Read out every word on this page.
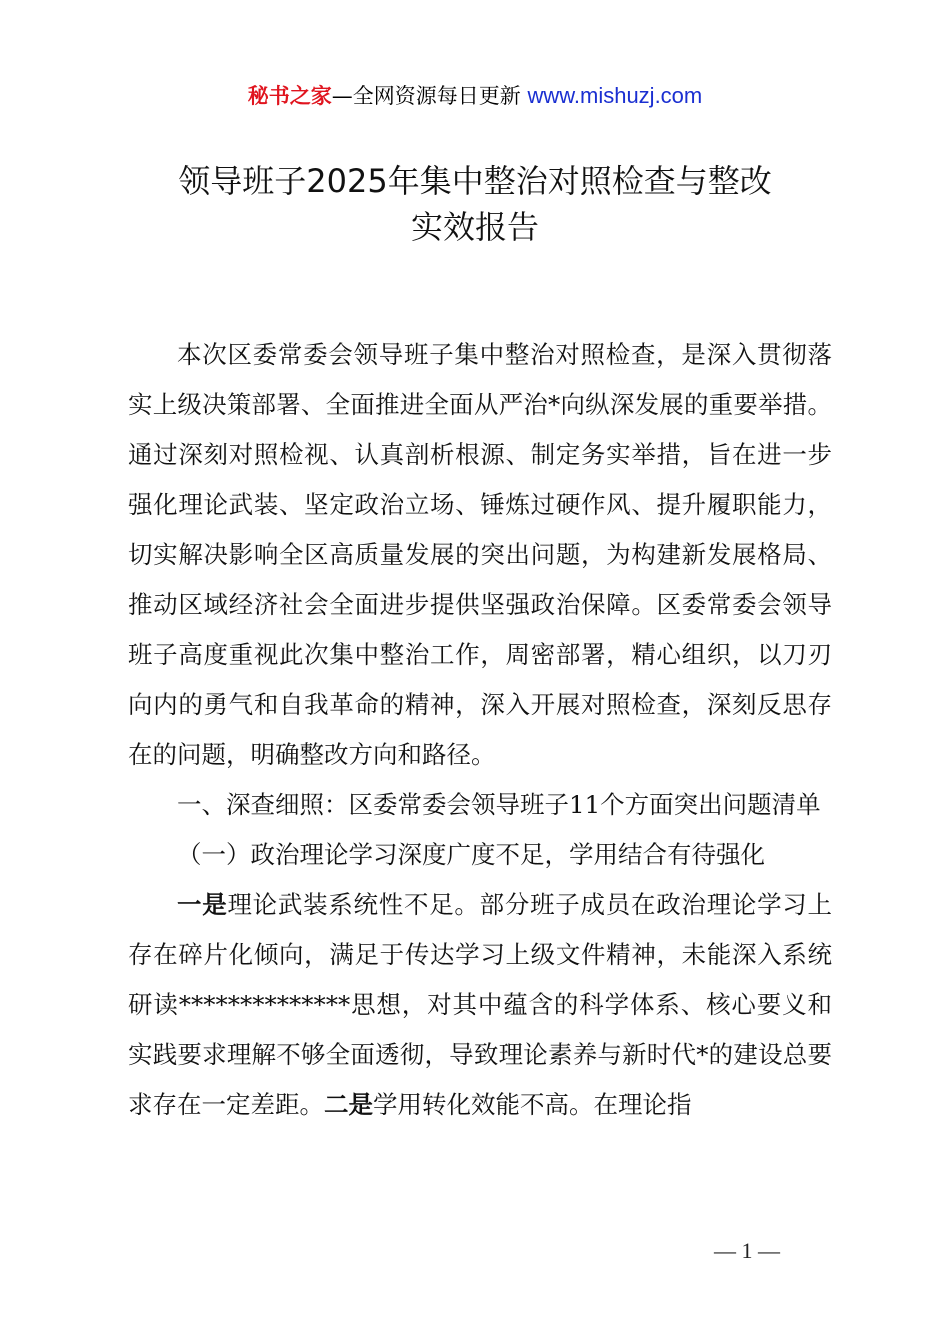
秘书之家—全网资源每日更新 www.mishuzj.com
领导班子2025年集中整治对照检查与整改
实效报告

本次区委常委会领导班子集中整治对照检查，是深入贯彻落实上级决策部署、全面推进全面从严治*向纵深发展的重要举措。通过深刻对照检视、认真剖析根源、制定务实举措，旨在进一步强化理论武装、坚定政治立场、锤炼过硬作风、提升履职能力，切实解决影响全区高质量发展的突出问题，为构建新发展格局、推动区域经济社会全面进步提供坚强政治保障。区委常委会领导班子高度重视此次集中整治工作，周密部署，精心组织，以刀刃向内的勇气和自我革命的精神，深入开展对照检查，深刻反思存在的问题，明确整改方向和路径。

一、深查细照：区委常委会领导班子11个方面突出问题清单

（一）政治理论学习深度广度不足，学用结合有待强化

一是理论武装系统性不足。部分班子成员在政治理论学习上存在碎片化倾向，满足于传达学习上级文件精神，未能深入系统研读**************思想，对其中蕴含的科学体系、核心要义和实践要求理解不够全面透彻，导致理论素养与新时代*的建设总要求存在一定差距。二是学用转化效能不高。在理论指

— 1 —
